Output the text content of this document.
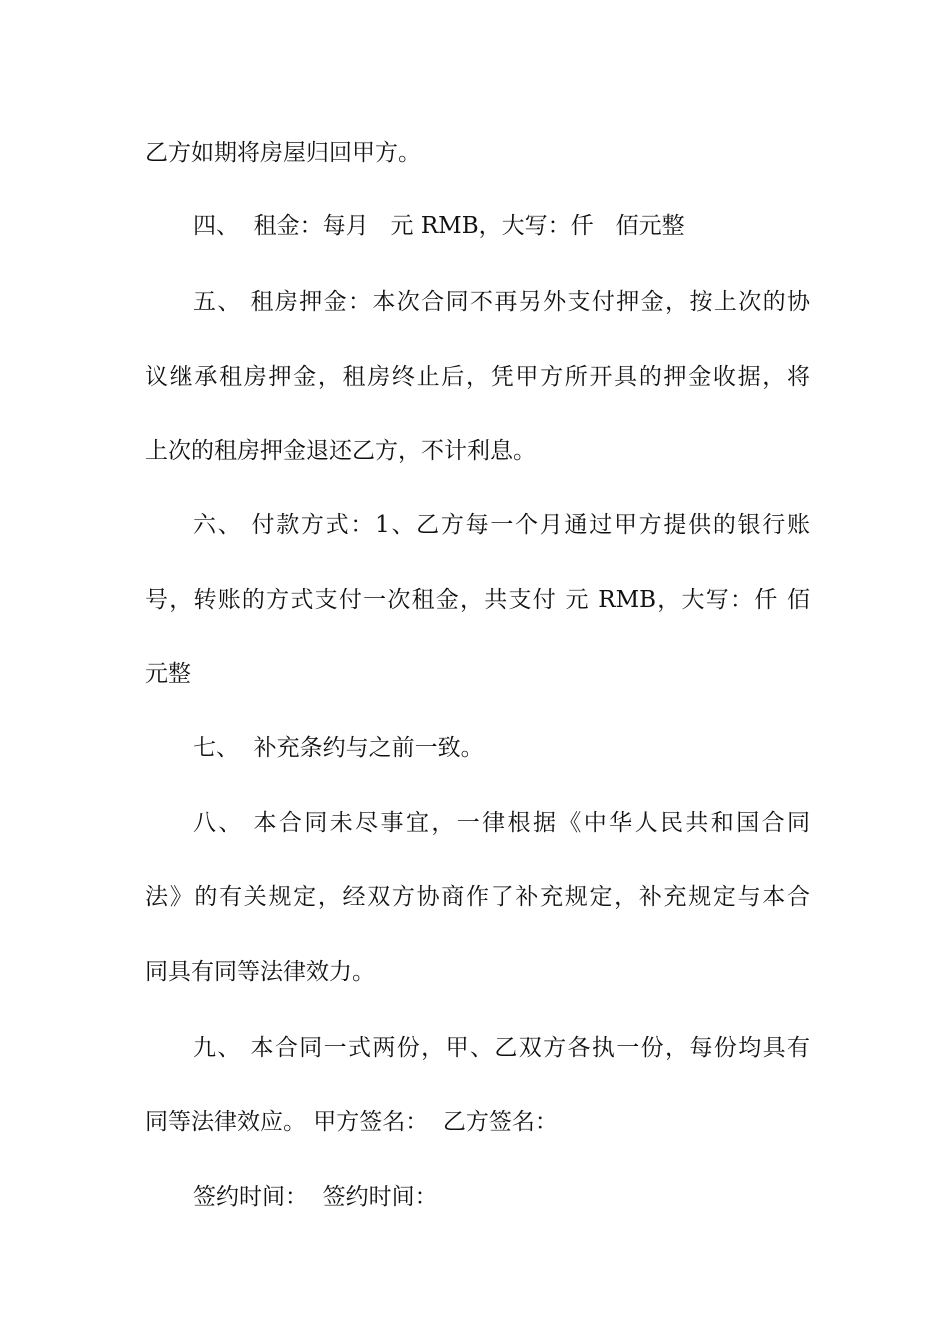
乙方如期将房屋归回甲方。
四、  租金：每月   元 RMB，大写：仟   佰元整
五、 租房押金：本次合同不再另外支付押金，按上次的协
议继承租房押金，租房终止后，凭甲方所开具的押金收据，将
上次的租房押金退还乙方，不计利息。
六、 付款方式：1、乙方每一个月通过甲方提供的银行账
号，转账的方式支付一次租金，共支付 元 RMB，大写：仟 佰
元整
七、  补充条约与之前一致。
八、 本合同未尽事宜，一律根据《中华人民共和国合同
法》的有关规定，经双方协商作了补充规定，补充规定与本合
同具有同等法律效力。
九、 本合同一式两份，甲、乙双方各执一份，每份均具有
同等法律效应。 甲方签名：  乙方签名：
签约时间：  签约时间：
